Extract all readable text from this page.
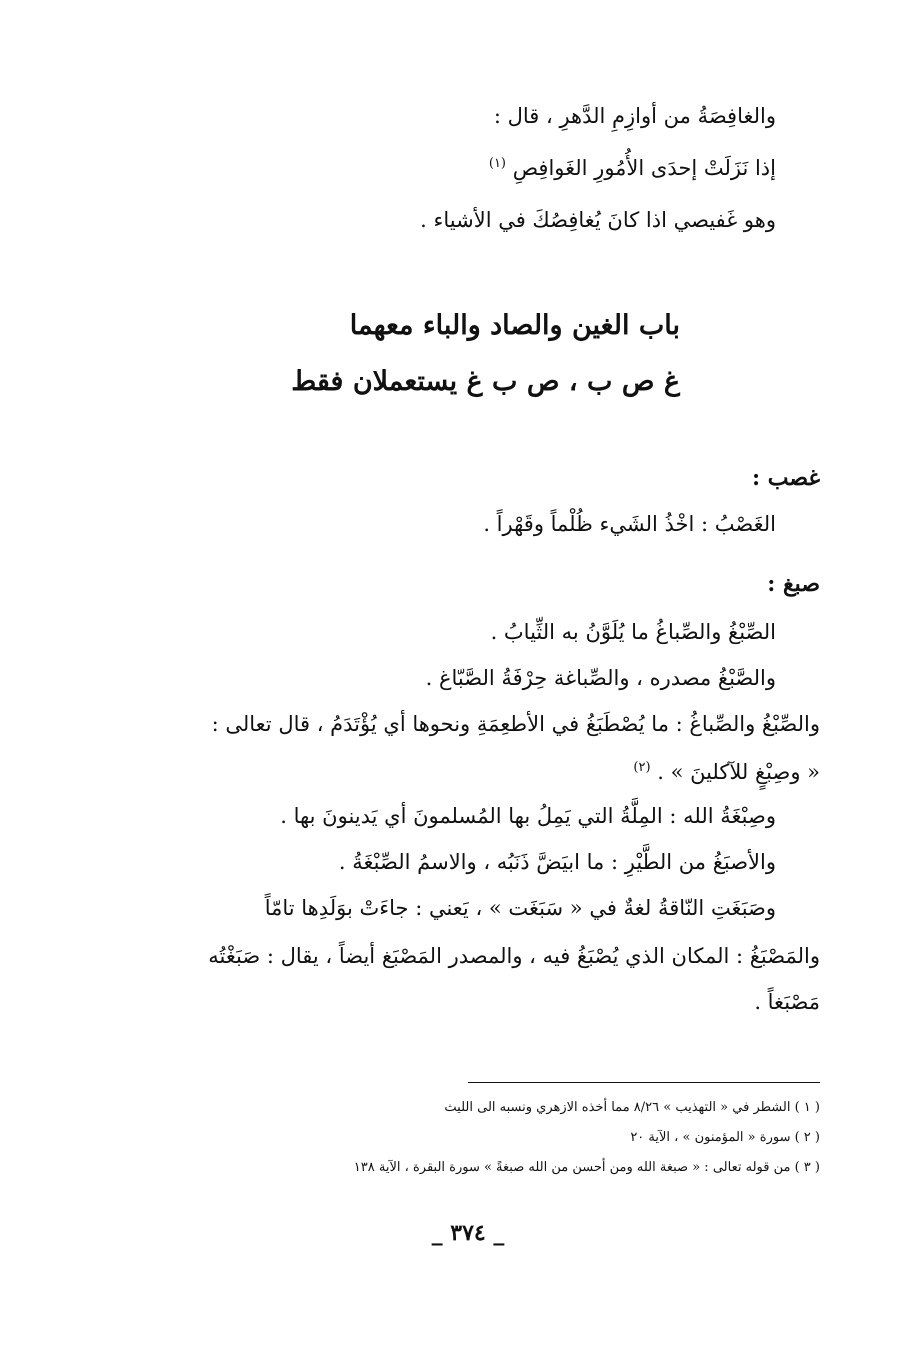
والغافِصَةُ من أوازِمِ الدَّهرِ ، قال :
إذا نَزَلَتْ إحدَى الأُمُورِ الغَوافِصِ $^{(١)}$
وهو غَفيصي اذا كانَ يُغافِصُكَ في الأشياء .
باب الغين والصاد والباء معهما
غ ص ب ، ص ب غ يستعملان فقط
غصب :
الغَصْبُ : اخْذُ الشَيء ظُلْماً وقَهْراً .
صبغ :
الصِّبْغُ والصِّباغُ ما يُلَوَّنُ به الثِّيابُ .
والصَّبْغُ مصدره ، والصِّباغة حِرْفَةُ الصَّبّاغ .
والصِّبْغُ والصِّباغُ : ما يُصْطَبَغُ في الأطعِمَةِ ونحوها أي يُؤْتَدَمُ ، قال تعالى :
« وصِبْغٍ للآكلينَ » . $^{(٢)}$
وصِبْغَةُ الله : المِلَّةُ التي يَمِلُ بها المُسلمونَ أي يَدينونَ بها .
والأصبَغُ من الطَّيْرِ : ما ابيَضَّ ذَنَبُه ، والاسمُ الصِّبْغَةُ .
وصَبَغَتِ النّاقةُ لغةٌ في « سَبَغَت » ، يَعني : جاءَتْ بوَلَدِها تامّاً
والمَصْبَغُ : المكان الذي يُصْبَغُ فيه ، والمصدر المَصْبَغ أيضاً ، يقال : صَبَغْتُه
مَصْبَغاً .
( ١ ) الشطر في « التهذيب » ٨/٢٦ مما أخذه الازهري ونسبه الى الليث
( ٢ ) سورة « المؤمنون » ، الآية ٢٠
( ٣ ) من قوله تعالى : « صبغة الله ومن أحسن من الله صبغةً » سورة البقرة ، الآية ١٣٨
_ ٣٧٤ _
